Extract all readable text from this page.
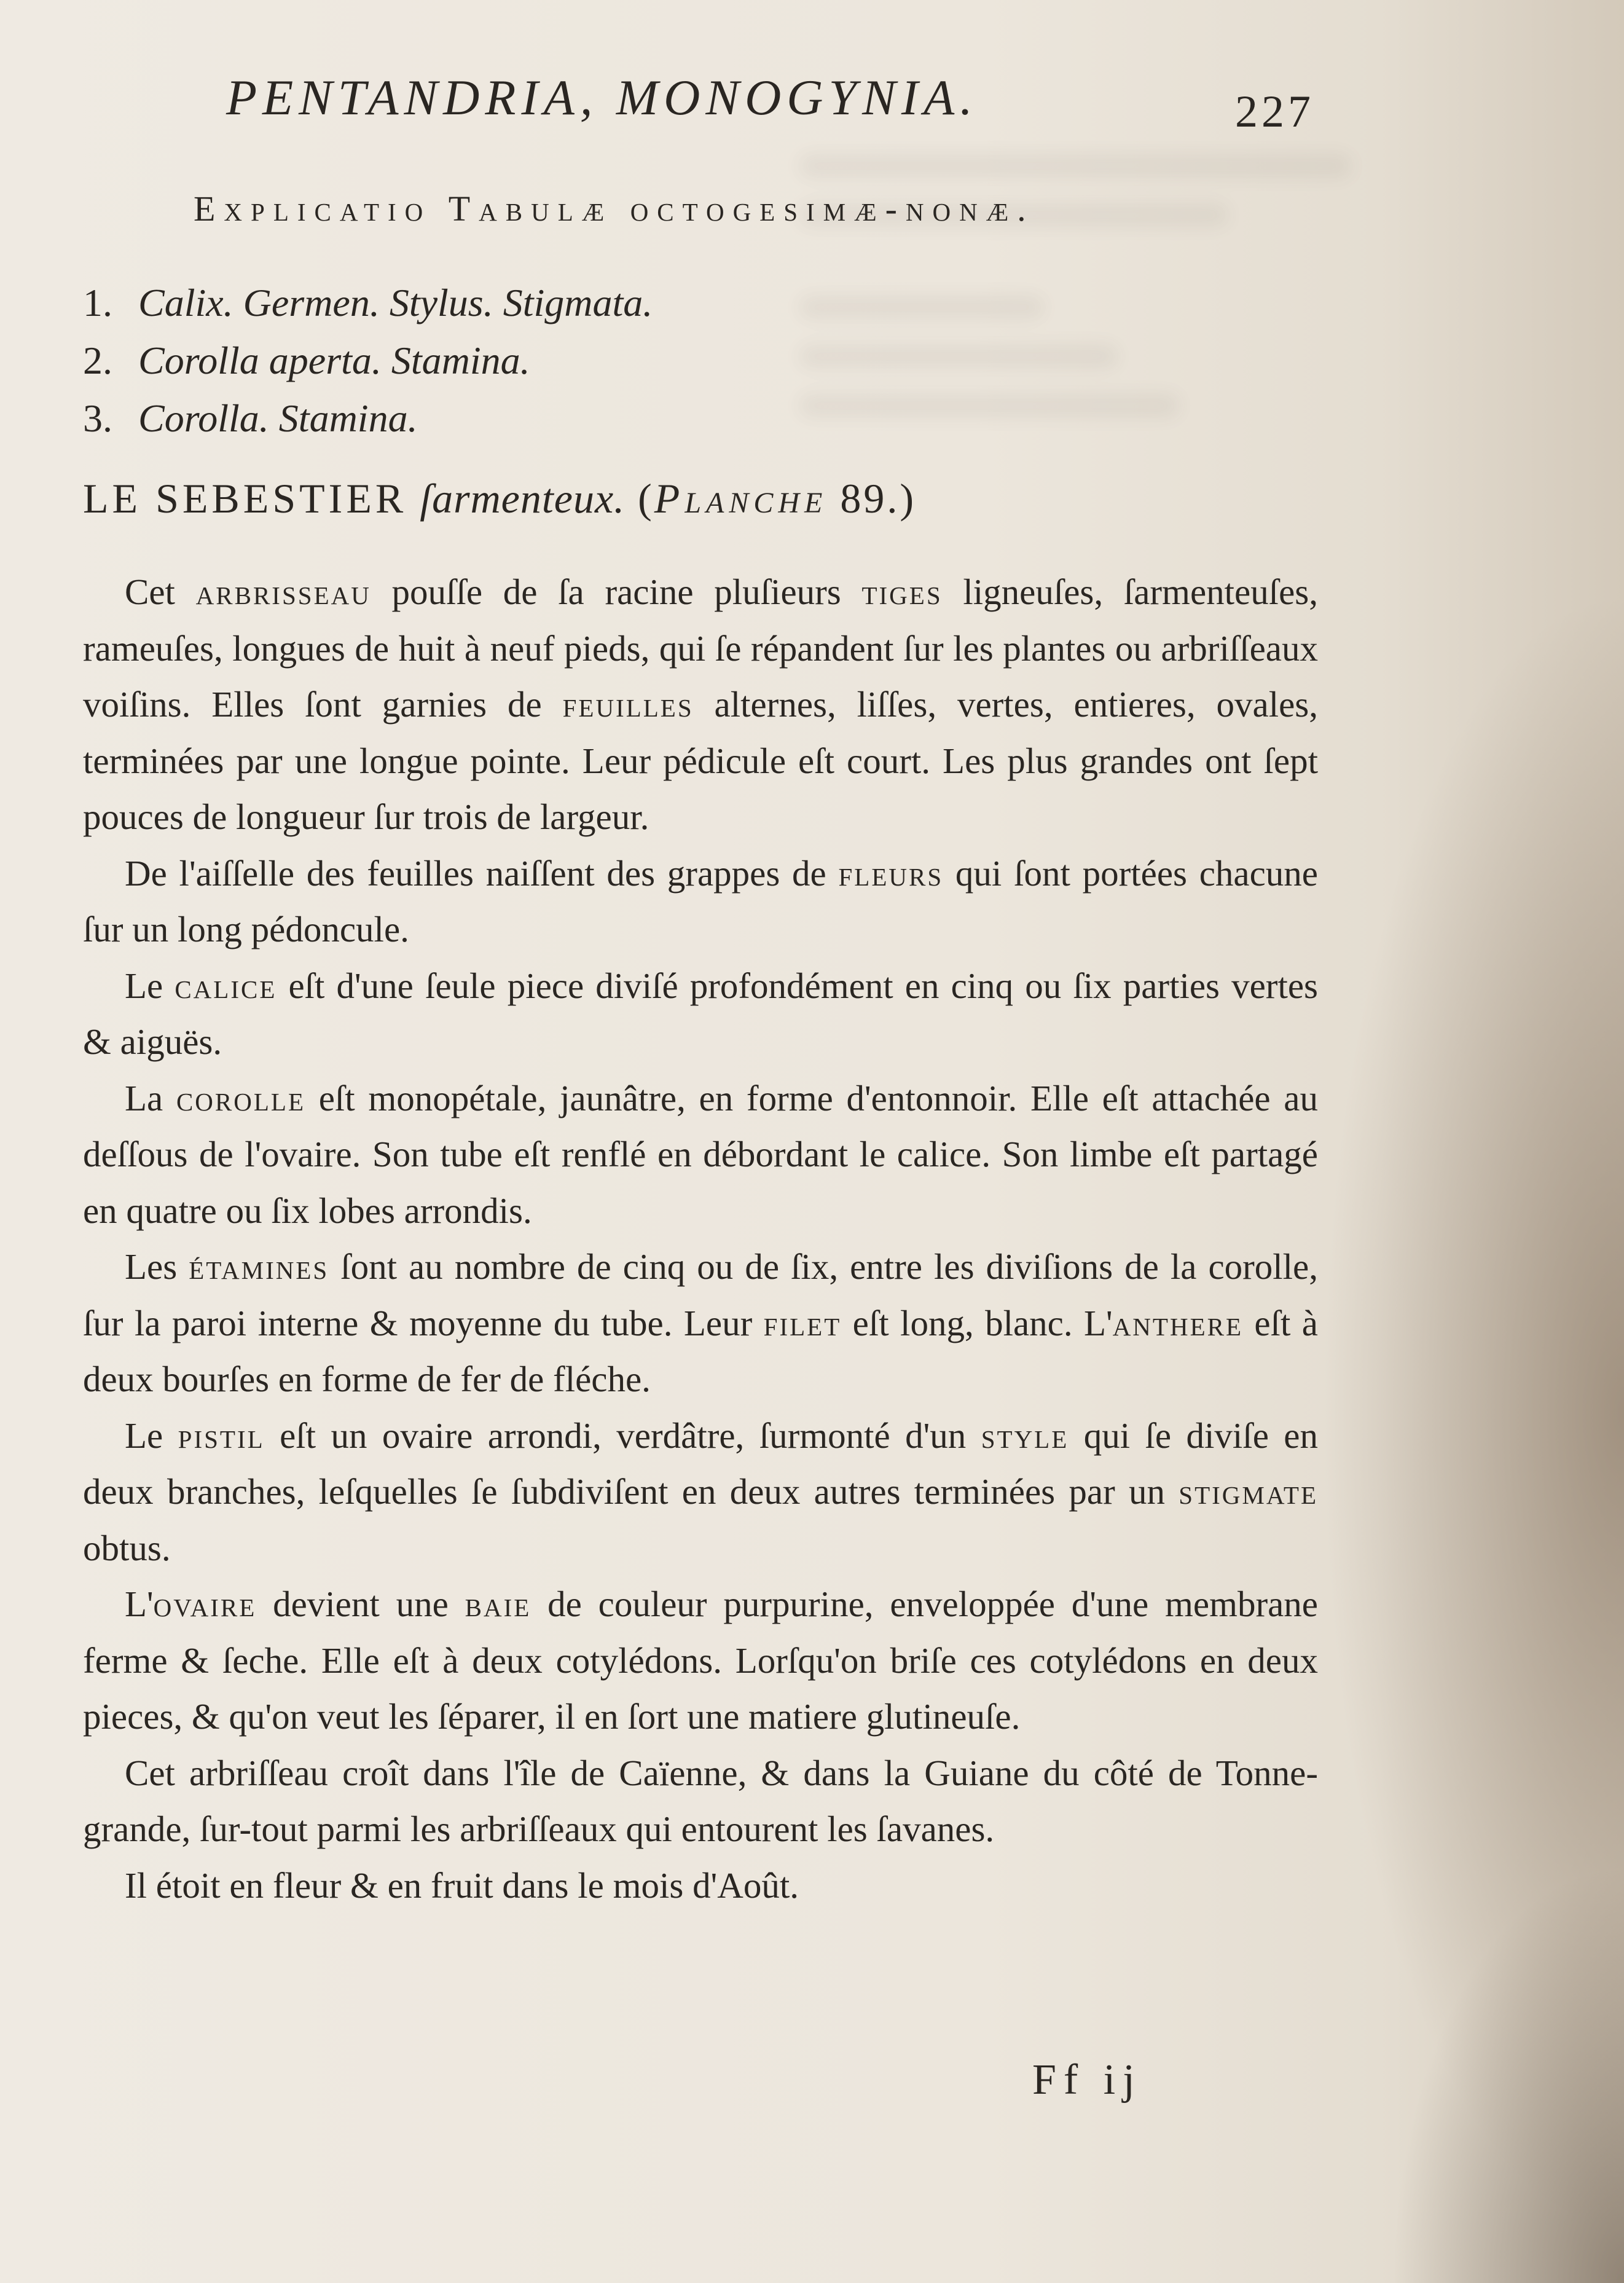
PENTANDRIA, MONOGYNIA.	227
Explicatio Tabulæ octogesimæ-nonæ.
1. Calix. Germen. Stylus. Stigmata.
2. Corolla aperta. Stamina.
3. Corolla. Stamina.
LE SEBESTIER ſarmenteux. (Planche 89.)

Cet arbrisseau pouſſe de ſa racine pluſieurs tiges ligneuſes, ſarmenteuſes, rameuſes, longues de huit à neuf pieds, qui ſe répandent ſur les plantes ou arbriſſeaux voiſins. Elles ſont garnies de feuilles alternes, liſſes, vertes, entieres, ovales, terminées par une longue pointe. Leur pédicule eſt court. Les plus grandes ont ſept pouces de longueur ſur trois de largeur.

De l'aiſſelle des feuilles naiſſent des grappes de fleurs qui ſont portées chacune ſur un long pédoncule.

Le calice eſt d'une ſeule piece diviſé profondément en cinq ou ſix parties vertes & aiguës.

La corolle eſt monopétale, jaunâtre, en forme d'entonnoir. Elle eſt attachée au deſſous de l'ovaire. Son tube eſt renflé en débordant le calice. Son limbe eſt partagé en quatre ou ſix lobes arrondis.

Les étamines ſont au nombre de cinq ou de ſix, entre les diviſions de la corolle, ſur la paroi interne & moyenne du tube. Leur filet eſt long, blanc. L'anthere eſt à deux bourſes en forme de fer de fléche.

Le pistil eſt un ovaire arrondi, verdâtre, ſurmonté d'un style qui ſe diviſe en deux branches, leſquelles ſe ſubdiviſent en deux autres terminées par un stigmate obtus.

L'ovaire devient une baie de couleur purpurine, enveloppée d'une membrane ferme & ſeche. Elle eſt à deux cotylédons. Lorſqu'on briſe ces cotylédons en deux pieces, & qu'on veut les ſéparer, il en ſort une matiere glutineuſe.

Cet arbriſſeau croît dans l'île de Caïenne, & dans la Guiane du côté de Tonne-grande, ſur-tout parmi les arbriſſeaux qui entourent les ſavanes.

Il étoit en fleur & en fruit dans le mois d'Août.

Ff ij
